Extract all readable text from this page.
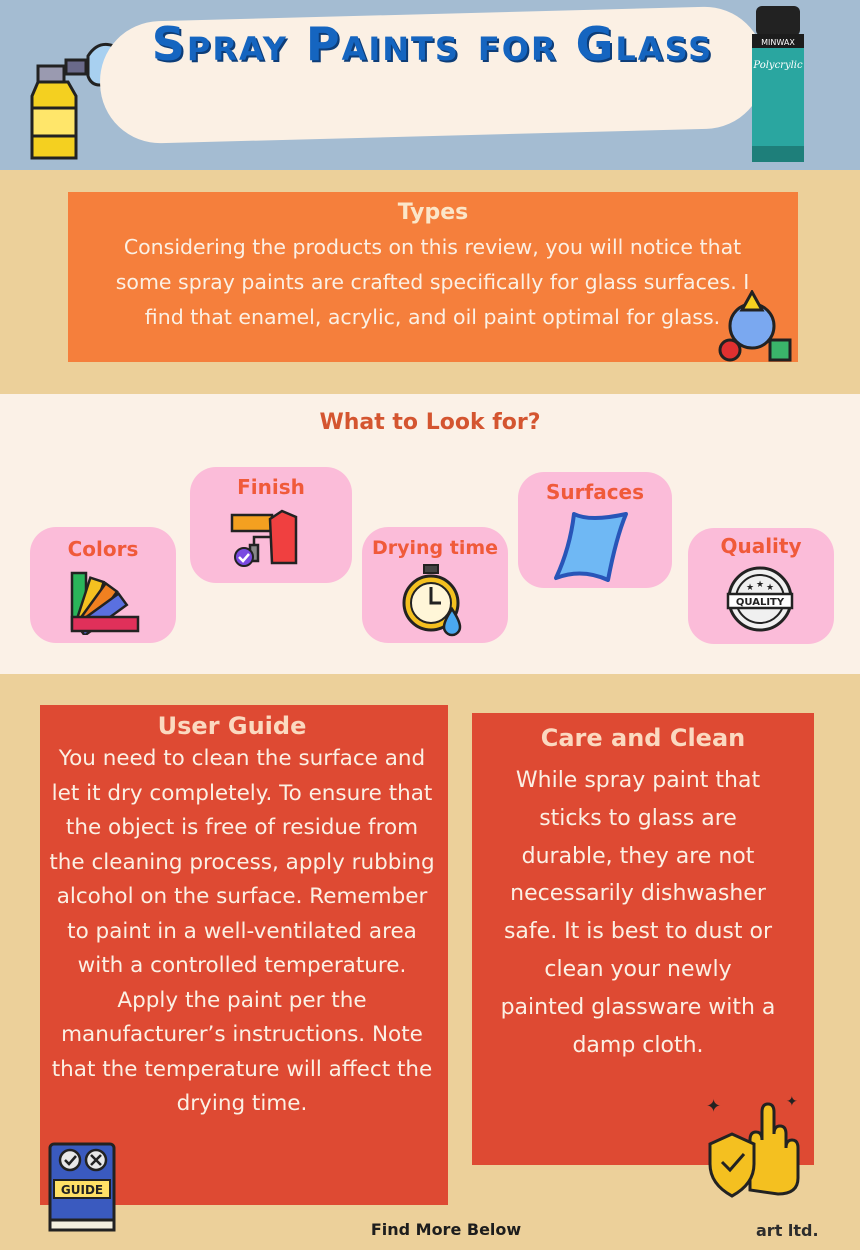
Spray Paints for Glass	MINWAX
Polycrylic
Types
Considering the products on this review, you will notice that some spray paints are crafted specifically for glass surfaces. I find that enamel, acrylic, and oil paint optimal for glass.
What to Look for?
Colors
Finish
Drying time
Surfaces
Quality
★ ★ ★
QUALITY
User Guide
You need to clean the surface and let it dry completely. To ensure that the object is free of residue from the cleaning process, apply rubbing alcohol on the surface. Remember to paint in a well-ventilated area with a controlled temperature. Apply the paint per the manufacturer’s instructions. Note that the temperature will affect the drying time.
GUIDE
Care and Clean
While spray paint that sticks to glass are durable, they are not necessarily dishwasher safe. It is best to dust or clean your newly painted glassware with a damp cloth.
✦	✦
Find More Below	art ltd.
